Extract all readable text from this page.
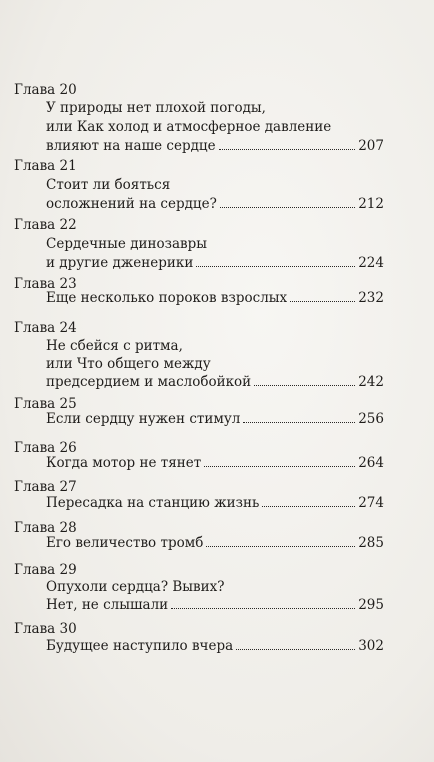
Глава 20
У природы нет плохой погоды,
или Как холод и атмосферное давление
влияют на наше сердце	207
Глава 21
Стоит ли бояться
осложнений на сердце?	212
Глава 22
Сердечные динозавры
и другие дженерики	224
Глава 23
Еще несколько пороков взрослых	232
Глава 24
Не сбейся с ритма,
или Что общего между
предсердием и маслобойкой	242
Глава 25
Если сердцу нужен стимул	256
Глава 26
Когда мотор не тянет	264
Глава 27
Пересадка на станцию жизнь	274
Глава 28
Его величество тромб	285
Глава 29
Опухоли сердца? Вывих?
Нет, не слышали	295
Глава 30
Будущее наступило вчера	302
